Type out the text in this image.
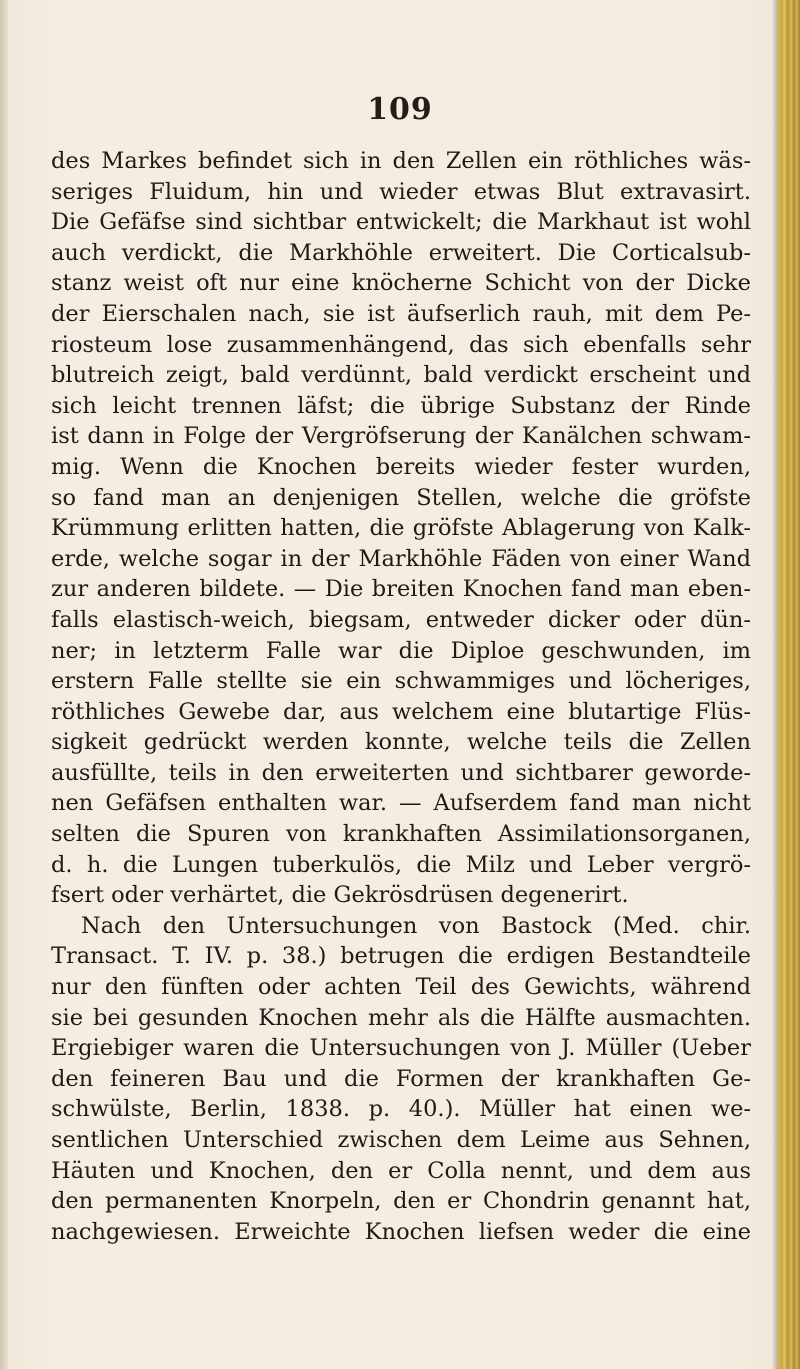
109
des Markes befindet sich in den Zellen ein röthliches wäs-
seriges Fluidum, hin und wieder etwas Blut extravasirt.
Die Gefäfse sind sichtbar entwickelt; die Markhaut ist wohl
auch verdickt, die Markhöhle erweitert. Die Corticalsub-
stanz weist oft nur eine knöcherne Schicht von der Dicke
der Eierschalen nach, sie ist äufserlich rauh, mit dem Pe-
riosteum lose zusammenhängend, das sich ebenfalls sehr
blutreich zeigt, bald verdünnt, bald verdickt erscheint und
sich leicht trennen läfst; die übrige Substanz der Rinde
ist dann in Folge der Vergröfserung der Kanälchen schwam-
mig. Wenn die Knochen bereits wieder fester wurden,
so fand man an denjenigen Stellen, welche die gröfste
Krümmung erlitten hatten, die gröfste Ablagerung von Kalk-
erde, welche sogar in der Markhöhle Fäden von einer Wand
zur anderen bildete. — Die breiten Knochen fand man eben-
falls elastisch-weich, biegsam, entweder dicker oder dün-
ner; in letzterm Falle war die Diploe geschwunden, im
erstern Falle stellte sie ein schwammiges und löcheriges,
röthliches Gewebe dar, aus welchem eine blutartige Flüs-
sigkeit gedrückt werden konnte, welche teils die Zellen
ausfüllte, teils in den erweiterten und sichtbarer geworde-
nen Gefäfsen enthalten war. — Aufserdem fand man nicht
selten die Spuren von krankhaften Assimilationsorganen,
d. h. die Lungen tuberkulös, die Milz und Leber vergrö-
fsert oder verhärtet, die Gekrösdrüsen degenerirt.
Nach den Untersuchungen von Bastock (Med. chir.
Transact. T. IV. p. 38.) betrugen die erdigen Bestandteile
nur den fünften oder achten Teil des Gewichts, während
sie bei gesunden Knochen mehr als die Hälfte ausmachten.
Ergiebiger waren die Untersuchungen von J. Müller (Ueber
den feineren Bau und die Formen der krankhaften Ge-
schwülste, Berlin, 1838. p. 40.). Müller hat einen we-
sentlichen Unterschied zwischen dem Leime aus Sehnen,
Häuten und Knochen, den er Colla nennt, und dem aus
den permanenten Knorpeln, den er Chondrin genannt hat,
nachgewiesen. Erweichte Knochen liefsen weder die eine
